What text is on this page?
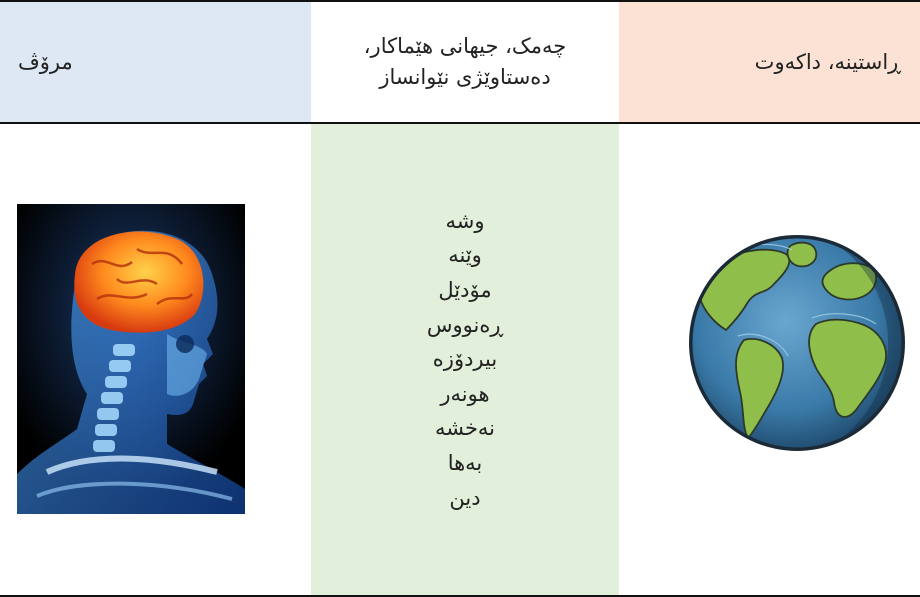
مرۆڤ
چەمک، جیهانی هێماکار،
دەستاوێژی نێوانساز
ڕاستینە، داکەوت
وشە
وێنە
مۆدێل
ڕەنووس
بیردۆزە
هونەر
نەخشە
بەها
دین
